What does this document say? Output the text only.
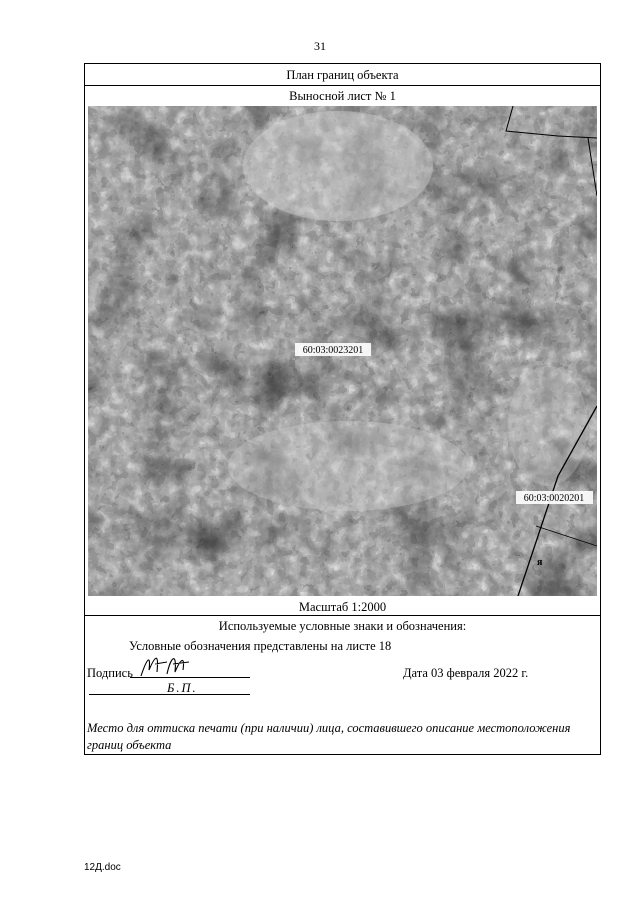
31
План границ объекта
Выносной лист № 1
60:03:0023201
60:03:0020201
я
Масштаб 1:2000
Используемые условные знаки и обозначения:
Условные обозначения представлены на листе 18
Подпись	Дата 03 февраля 2022 г.
Б.П.
Место для оттиска печати (при наличии) лица, составившего описание местоположения границ объекта
12Д.doc
